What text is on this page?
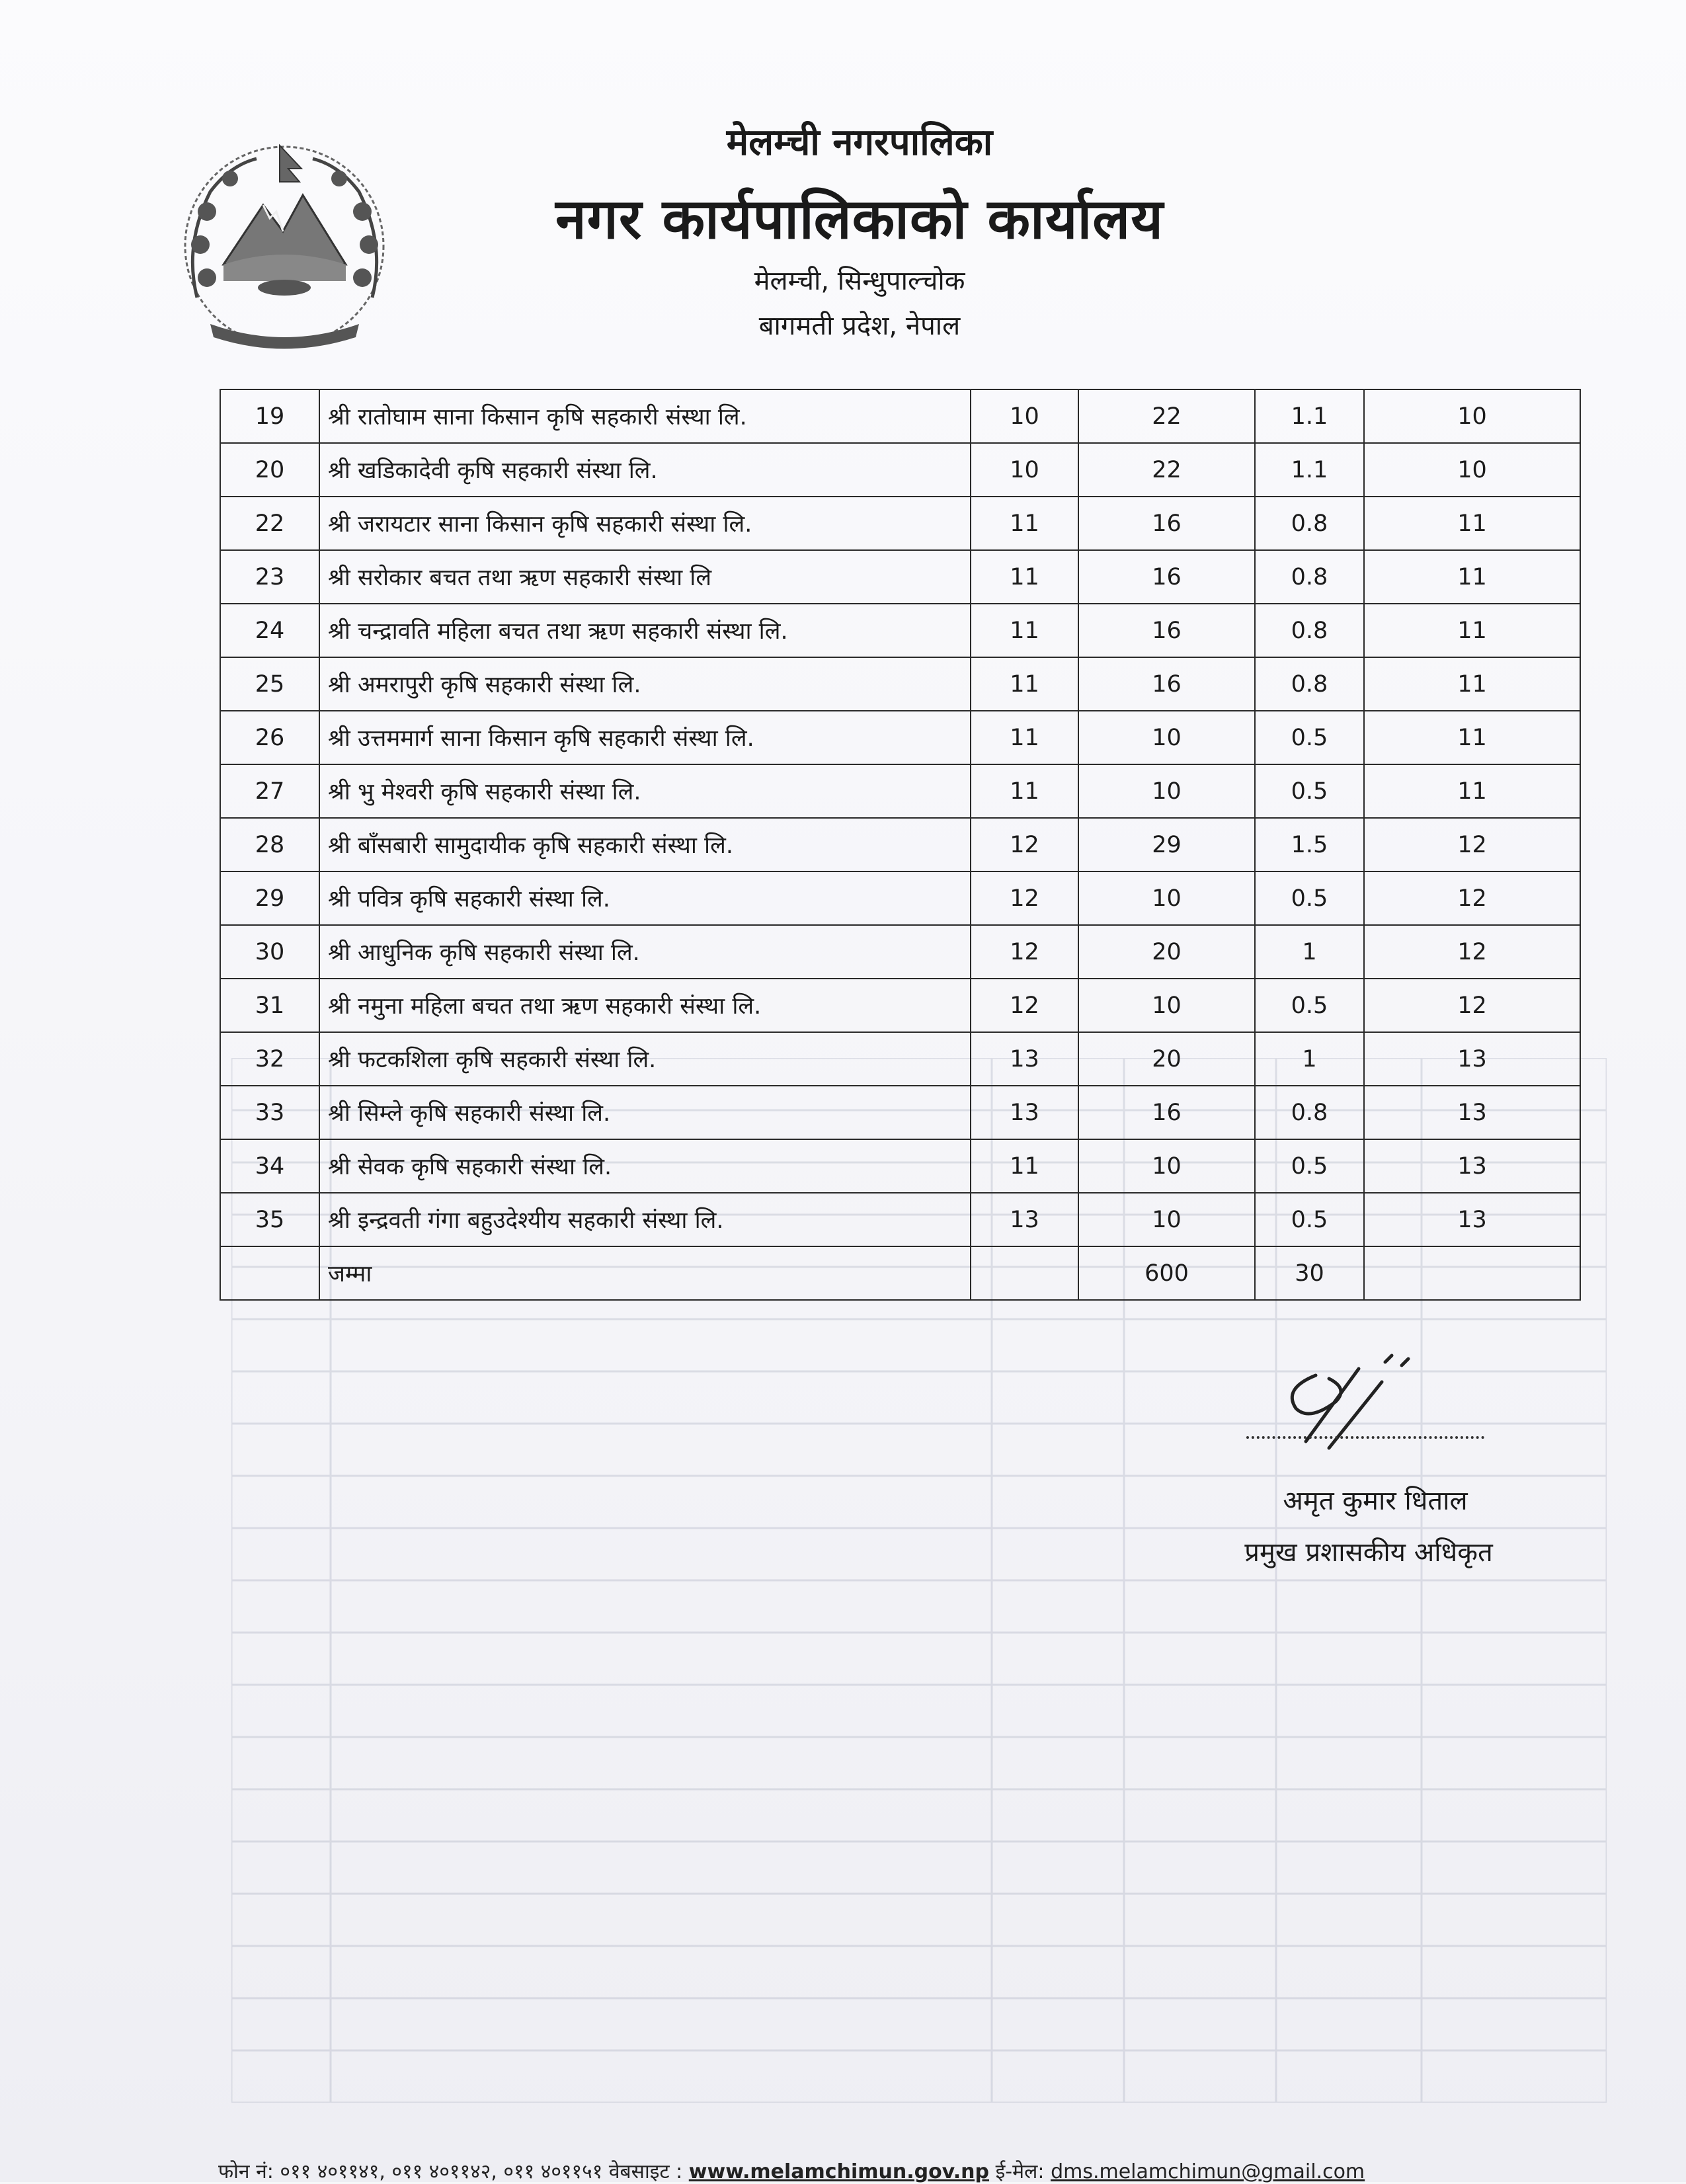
मेलम्ची नगरपालिका
नगर कार्यपालिकाको कार्यालय
मेलम्ची, सिन्धुपाल्चोक
बागमती प्रदेश, नेपाल
19	श्री रातोघाम साना किसान कृषि सहकारी संस्था लि.	10	22	1.1	10
20	श्री खडिकादेवी कृषि सहकारी संस्था लि.	10	22	1.1	10
22	श्री जरायटार साना किसान कृषि सहकारी संस्था लि.	11	16	0.8	11
23	श्री सरोकार बचत तथा ऋण सहकारी संस्था लि	11	16	0.8	11
24	श्री चन्द्रावति महिला बचत तथा ऋण सहकारी संस्था लि.	11	16	0.8	11
25	श्री अमरापुरी कृषि सहकारी संस्था लि.	11	16	0.8	11
26	श्री उत्तममार्ग साना किसान कृषि सहकारी संस्था लि.	11	10	0.5	11
27	श्री भु मेश्वरी कृषि सहकारी संस्था लि.	11	10	0.5	11
28	श्री बाँसबारी सामुदायीक कृषि सहकारी संस्था लि.	12	29	1.5	12
29	श्री पवित्र कृषि सहकारी संस्था लि.	12	10	0.5	12
30	श्री आधुनिक कृषि सहकारी संस्था लि.	12	20	1	12
31	श्री नमुना महिला बचत तथा ऋण सहकारी संस्था लि.	12	10	0.5	12
32	श्री फटकशिला कृषि सहकारी संस्था लि.	13	20	1	13
33	श्री सिम्ले कृषि सहकारी संस्था लि.	13	16	0.8	13
34	श्री सेवक कृषि सहकारी संस्था लि.	11	10	0.5	13
35	श्री इन्द्रवती गंगा बहुउदेश्यीय सहकारी संस्था लि.	13	10	0.5	13
	जम्मा		600	30	
अमृत कुमार धिताल
प्रमुख प्रशासकीय अधिकृत
फोन नं: ०११ ४०११४१, ०११ ४०११४२, ०११ ४०११५१ वेबसाइट : www.melamchimun.gov.np ई-मेल: dms.melamchimun@gmail.com
